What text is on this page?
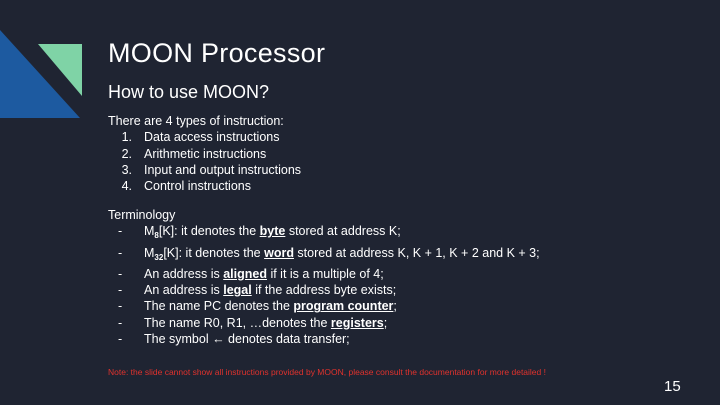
MOON Processor
How to use MOON?
There are 4 types of instruction:
1. Data access instructions
2. Arithmetic instructions
3. Input and output instructions
4. Control instructions
Terminology
-	$M_8[K]$: it denotes the byte stored at address K;
-	$M_{32}[K]$: it denotes the word stored at address K, K + 1, K + 2 and K + 3;
-	An address is aligned if it is a multiple of 4;
-	An address is legal if the address byte exists;
-	The name PC denotes the program counter;
-	The name R0, R1, …denotes the registers;
-	The symbol ← denotes data transfer;
Note: the slide cannot show all instructions provided by MOON, please consult the documentation for more detailed !
15
